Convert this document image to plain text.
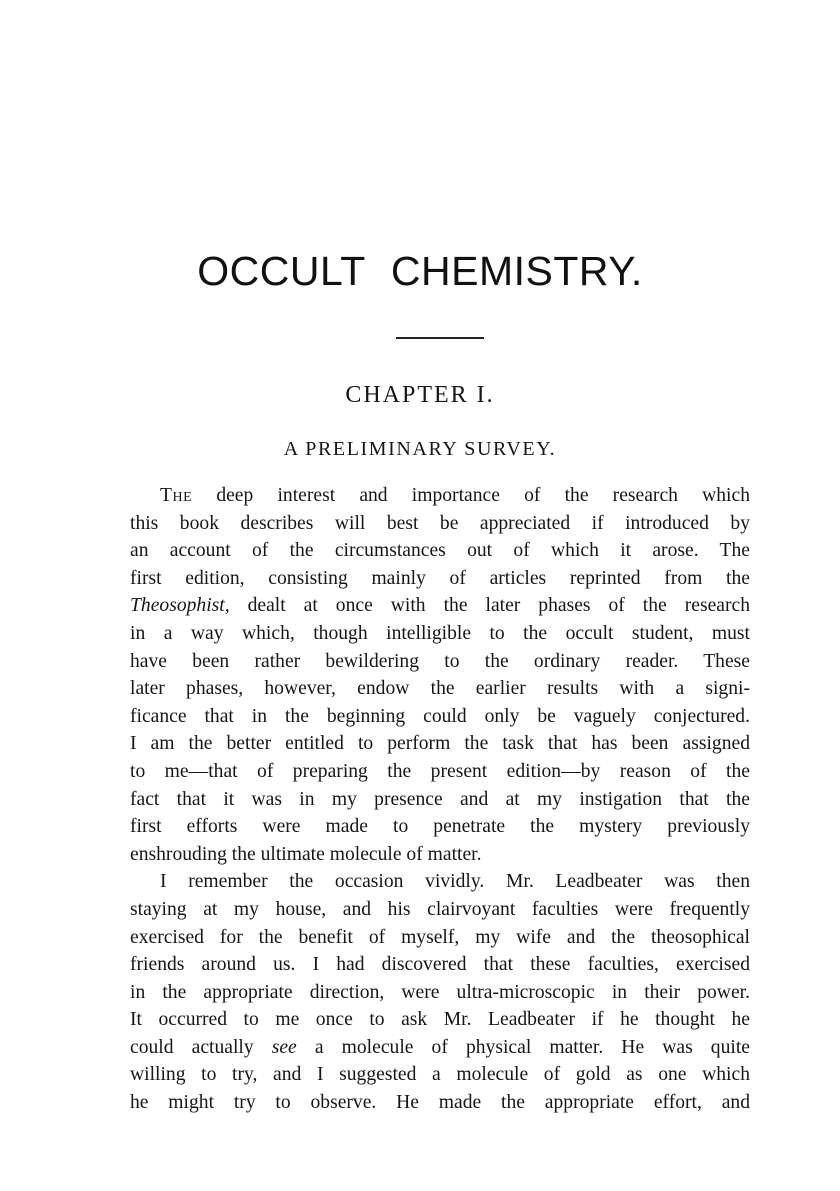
OCCULT CHEMISTRY.
CHAPTER I.
A PRELIMINARY SURVEY.
The deep interest and importance of the research which
this book describes will best be appreciated if introduced by
an account of the circumstances out of which it arose. The
first edition, consisting mainly of articles reprinted from the
Theosophist, dealt at once with the later phases of the research
in a way which, though intelligible to the occult student, must
have been rather bewildering to the ordinary reader. These
later phases, however, endow the earlier results with a signi-
ficance that in the beginning could only be vaguely conjectured.
I am the better entitled to perform the task that has been assigned
to me—that of preparing the present edition—by reason of the
fact that it was in my presence and at my instigation that the
first efforts were made to penetrate the mystery previously
enshrouding the ultimate molecule of matter.
I remember the occasion vividly. Mr. Leadbeater was then
staying at my house, and his clairvoyant faculties were frequently
exercised for the benefit of myself, my wife and the theosophical
friends around us. I had discovered that these faculties, exercised
in the appropriate direction, were ultra-microscopic in their power.
It occurred to me once to ask Mr. Leadbeater if he thought he
could actually see a molecule of physical matter. He was quite
willing to try, and I suggested a molecule of gold as one which
he might try to observe. He made the appropriate effort, and
